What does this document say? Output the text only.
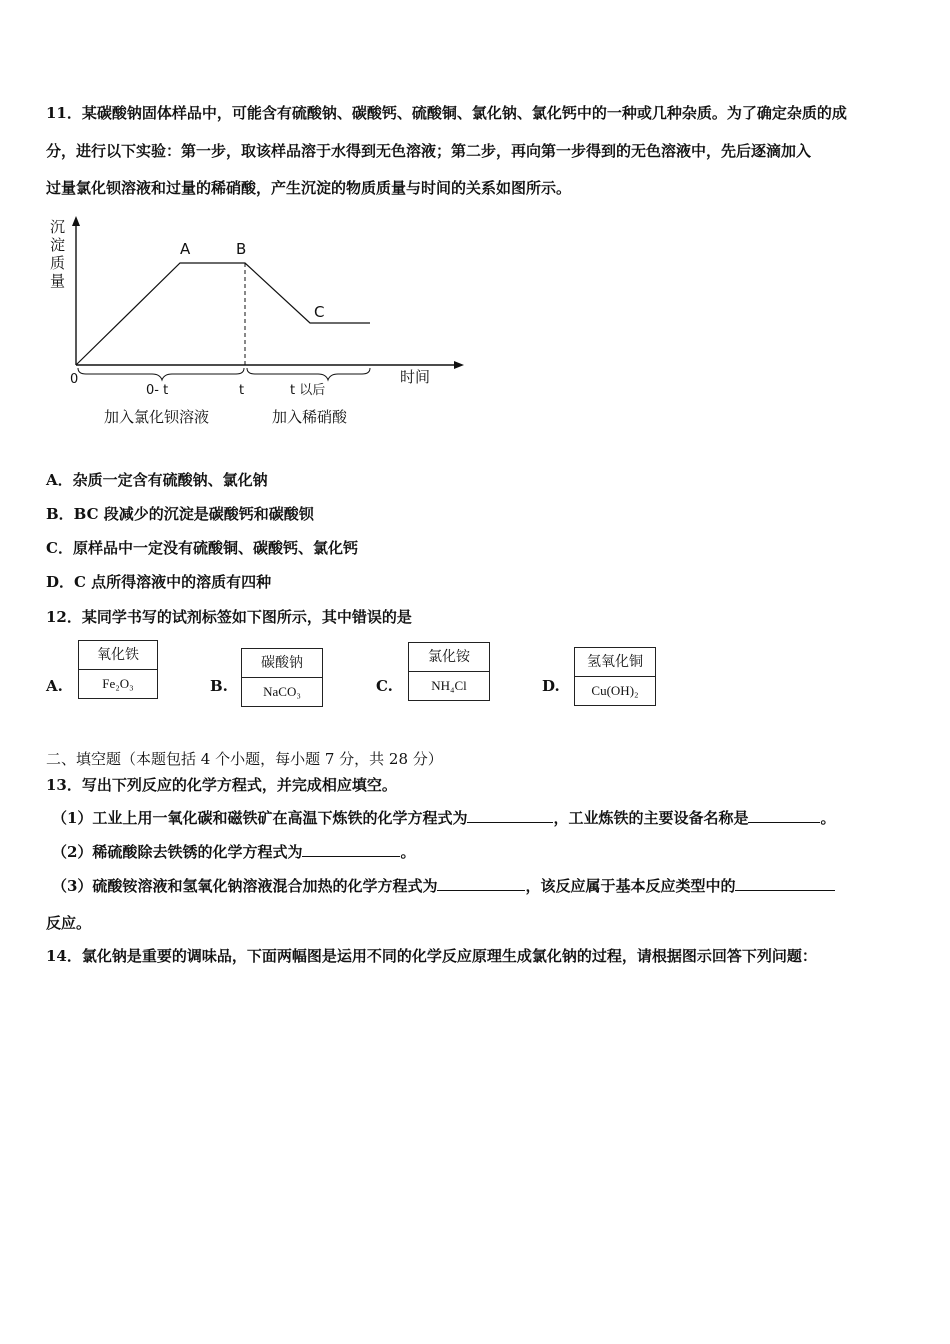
11．某碳酸钠固体样品中，可能含有硫酸钠、碳酸钙、硫酸铜、氯化钠、氯化钙中的一种或几种杂质。为了确定杂质的成
分，进行以下实验：第一步，取该样品溶于水得到无色溶液；第二步，再向第一步得到的无色溶液中，先后逐滴加入
过量氯化钡溶液和过量的稀硝酸，产生沉淀的物质质量与时间的关系如图所示。
沉淀质量
A	B
C
0	时间
0- t	t	t 以后
加入氯化钡溶液	加入稀硝酸
A．杂质一定含有硫酸钠、氯化钠
B．BC 段减少的沉淀是碳酸钙和碳酸钡
C．原样品中一定没有硫酸铜、碳酸钙、氯化钙
D．C 点所得溶液中的溶质有四种
12．某同学书写的试剂标签如下图所示，其中错误的是
A.
氧化铁
Fe₂O₃	B.
碳酸钠
NaCO₃	C.
氯化铵
NH₄Cl	D.
氢氧化铜
Cu(OH)₂
二、填空题（本题包括 4 个小题，每小题 7 分，共 28 分）
13．写出下列反应的化学方程式，并完成相应填空。
（1）工业上用一氧化碳和磁铁矿在高温下炼铁的化学方程式为	，工业炼铁的主要设备名称是	。
（2）稀硫酸除去铁锈的化学方程式为	。
（3）硫酸铵溶液和氢氧化钠溶液混合加热的化学方程式为	，该反应属于基本反应类型中的
反应。
14．氯化钠是重要的调味品，下面两幅图是运用不同的化学反应原理生成氯化钠的过程，请根据图示回答下列问题：
